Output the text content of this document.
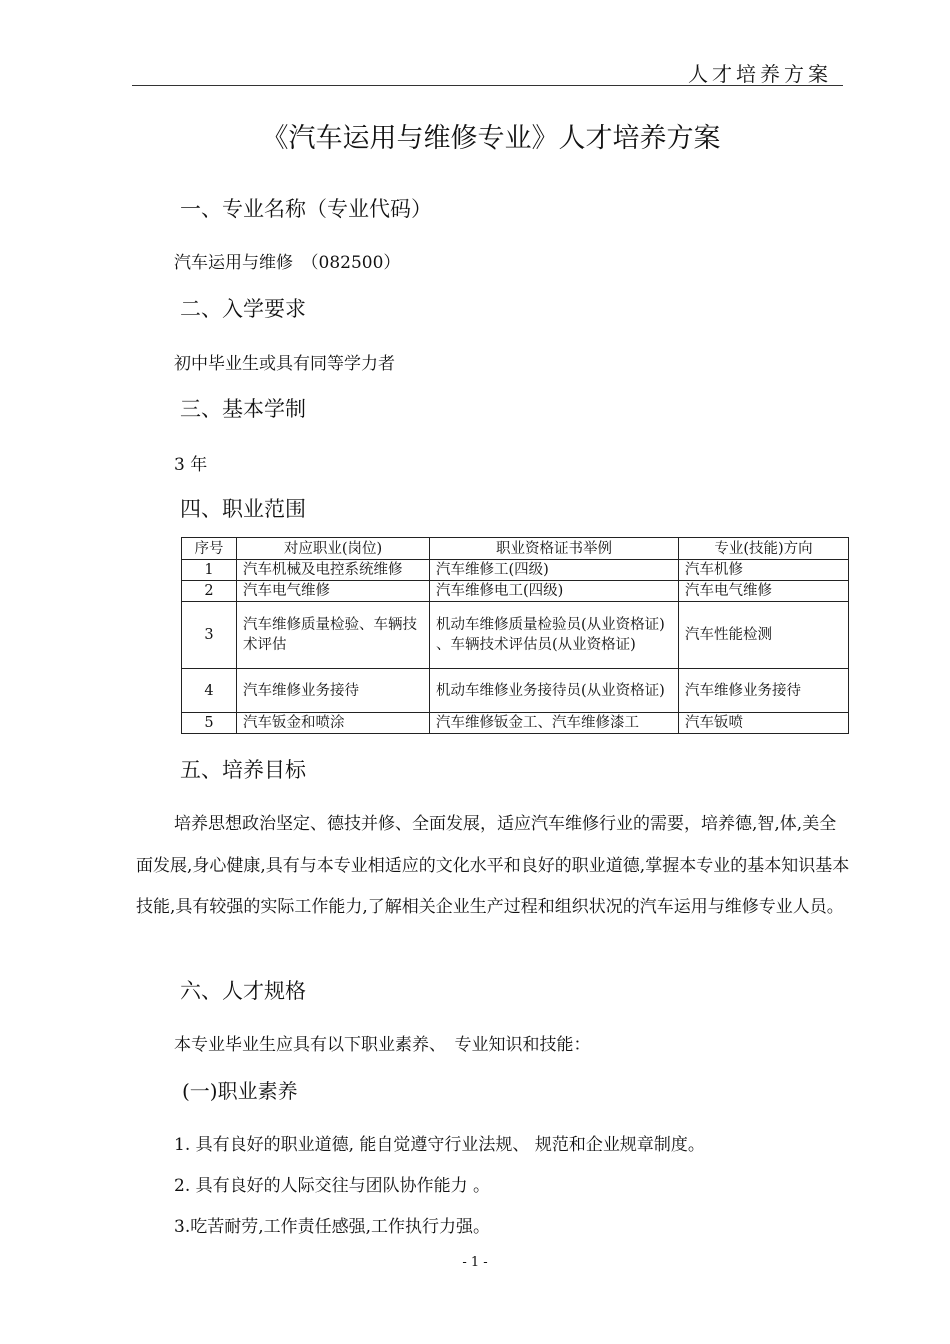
人才培养方案
《汽车运用与维修专业》人才培养方案
一、专业名称（专业代码）
汽车运用与维修　（082500）
二、入学要求
初中毕业生或具有同等学力者
三、基本学制
3 年
四、职业范围
序号	对应职业(岗位)	职业资格证书举例	专业(技能)方向
1	汽车机械及电控系统维修	汽车维修工(四级)	汽车机修
2	汽车电气维修	汽车维修电工(四级)	汽车电气维修
3	汽车维修质量检验、车辆技术评估	机动车维修质量检验员(从业资格证) 、车辆技术评估员(从业资格证)	汽车性能检测
4	汽车维修业务接待	机动车维修业务接待员(从业资格证)	汽车维修业务接待
5	汽车钣金和喷涂	汽车维修钣金工、汽车维修漆工	汽车钣喷
五、培养目标
培养思想政治坚定、德技并修、全面发展，适应汽车维修行业的需要，培养德,智,体,美全面发展,身心健康,具有与本专业相适应的文化水平和良好的职业道德,掌握本专业的基本知识基本技能,具有较强的实际工作能力,了解相关企业生产过程和组织状况的汽车运用与维修专业人员。
六、人才规格
本专业毕业生应具有以下职业素养、　专业知识和技能：
(一)职业素养
1. 具有良好的职业道德, 能自觉遵守行业法规、 规范和企业规章制度。
2. 具有良好的人际交往与团队协作能力 。
3.吃苦耐劳,工作责任感强,工作执行力强。
- 1 -
